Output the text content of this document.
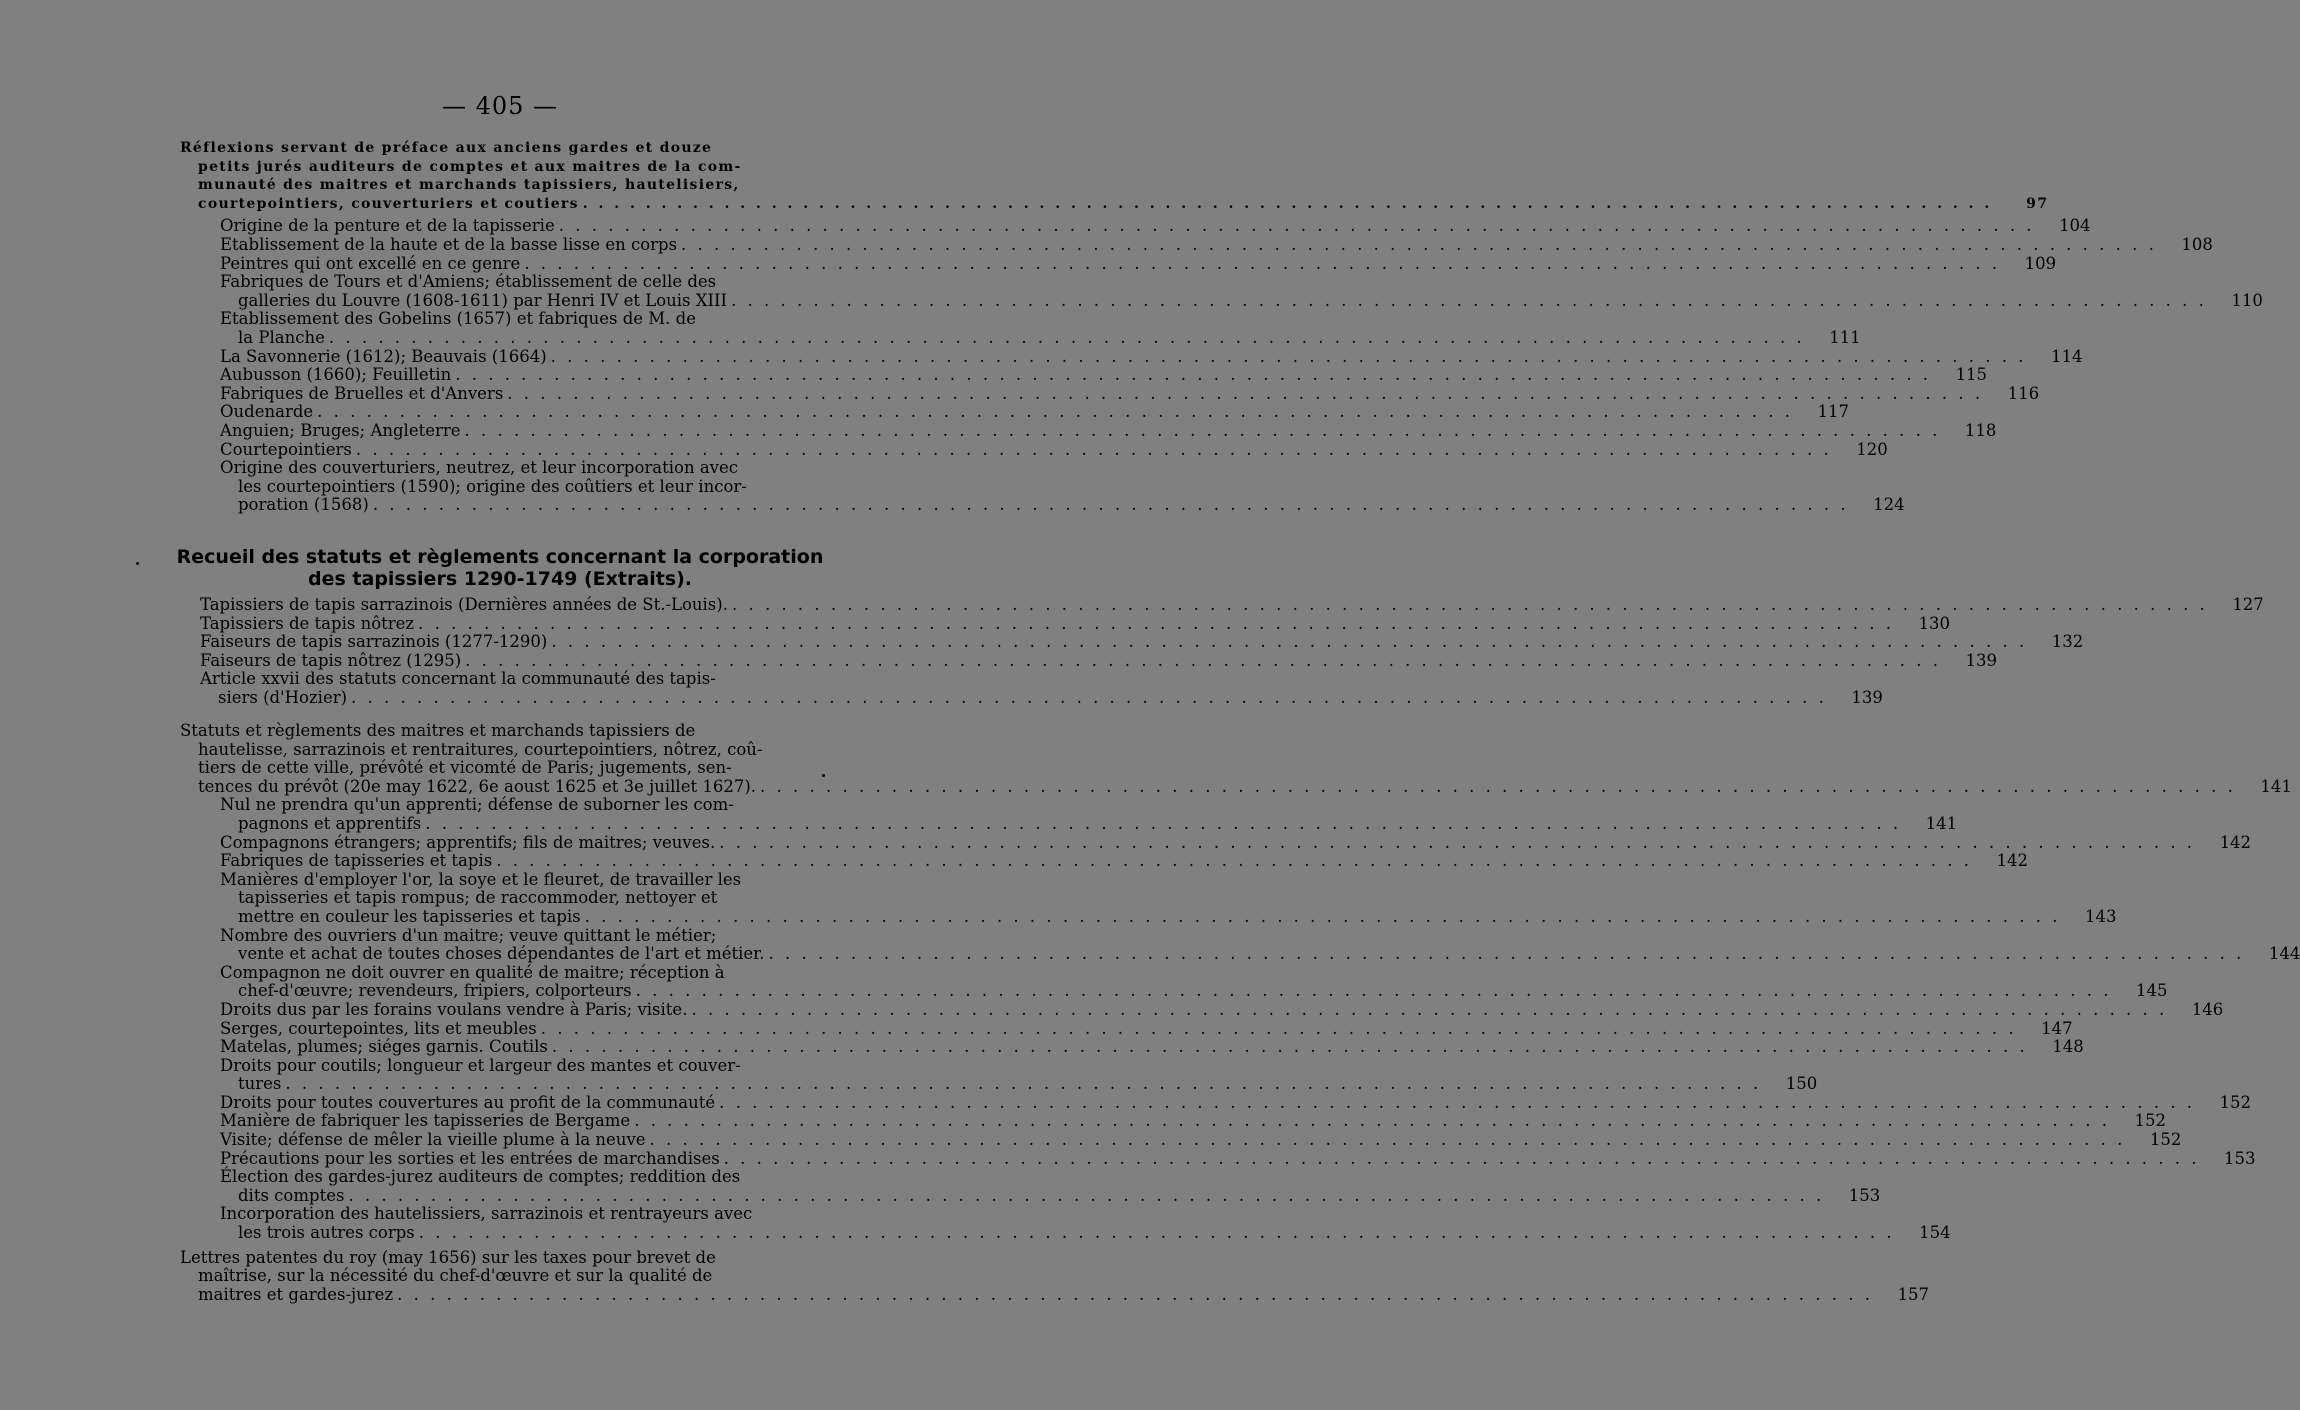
— 405 —
Réflexions servant de préface aux anciens gardes et douze
petits jurés auditeurs de comptes et aux maitres de la com-
munauté des maitres et marchands tapissiers, hautelisiers,
courtepointiers, couverturiers et coutiers . . .	97
Origine de la penture et de la tapisserie . . .	104
Etablissement de la haute et de la basse lisse en corps . . .	108
Peintres qui ont excellé en ce genre . . .	109
Fabriques de Tours et d'Amiens; établissement de celle des
galleries du Louvre (1608-1611) par Henri IV et Louis XIII . . .	110
Etablissement des Gobelins (1657) et fabriques de M. de
la Planche . . .	111
La Savonnerie (1612); Beauvais (1664) . . .	114
Aubusson (1660); Feuilletin . . .	115
Fabriques de Bruelles et d'Anvers . . .	116
Oudenarde . . .	117
Anguien; Bruges; Angleterre . . .	118
Courtepointiers . . .	120
Origine des couverturiers, neutrez, et leur incorporation avec
les courtepointiers (1590); origine des coûtiers et leur incor-
poration (1568) . . .	124
Recueil des statuts et règlements concernant la corporation
des tapissiers 1290-1749 (Extraits).
Tapissiers de tapis sarrazinois (Dernières années de St.-Louis). . . .	127
Tapissiers de tapis nôtrez . . .	130
Faiseurs de tapis sarrazinois (1277-1290) . . .	132
Faiseurs de tapis nôtrez (1295) . . .	139
Article xxvii des statuts concernant la communauté des tapis-
siers (d'Hozier) . . .	139
Statuts et règlements des maitres et marchands tapissiers de
hautelisse, sarrazinois et rentraitures, courtepointiers, nôtrez, coû-
tiers de cette ville, prévôté et vicomté de Paris; jugements, sen-
tences du prévôt (20e may 1622, 6e aoust 1625 et 3e juillet 1627). . . .	141
Nul ne prendra qu'un apprenti; défense de suborner les com-
pagnons et apprentifs . . .	141
Compagnons étrangers; apprentifs; fils de maitres; veuves. . . .	142
Fabriques de tapisseries et tapis . . .	142
Manières d'employer l'or, la soye et le fleuret, de travailler les
tapisseries et tapis rompus; de raccommoder, nettoyer et
mettre en couleur les tapisseries et tapis . . .	143
Nombre des ouvriers d'un maitre; veuve quittant le métier;
vente et achat de toutes choses dépendantes de l'art et métier. . . .	144
Compagnon ne doit ouvrer en qualité de maitre; réception à
chef-d'œuvre; revendeurs, fripiers, colporteurs . . .	145
Droits dus par les forains voulans vendre à Paris; visite. . . .	146
Serges, courtepointes, lits et meubles . . .	147
Matelas, plumes; siéges garnis. Coutils . . .	148
Droits pour coutils; longueur et largeur des mantes et couver-
tures . . .	150
Droits pour toutes couvertures au profit de la communauté . . .	152
Manière de fabriquer les tapisseries de Bergame . . .	152
Visite; défense de mêler la vieille plume à la neuve . . .	152
Précautions pour les sorties et les entrées de marchandises . . .	153
Élection des gardes-jurez auditeurs de comptes; reddition des
dits comptes . . .	153
Incorporation des hautelissiers, sarrazinois et rentrayeurs avec
les trois autres corps . . .	154
Lettres patentes du roy (may 1656) sur les taxes pour brevet de
maîtrise, sur la nécessité du chef-d'œuvre et sur la qualité de
maitres et gardes-jurez . . .	157
